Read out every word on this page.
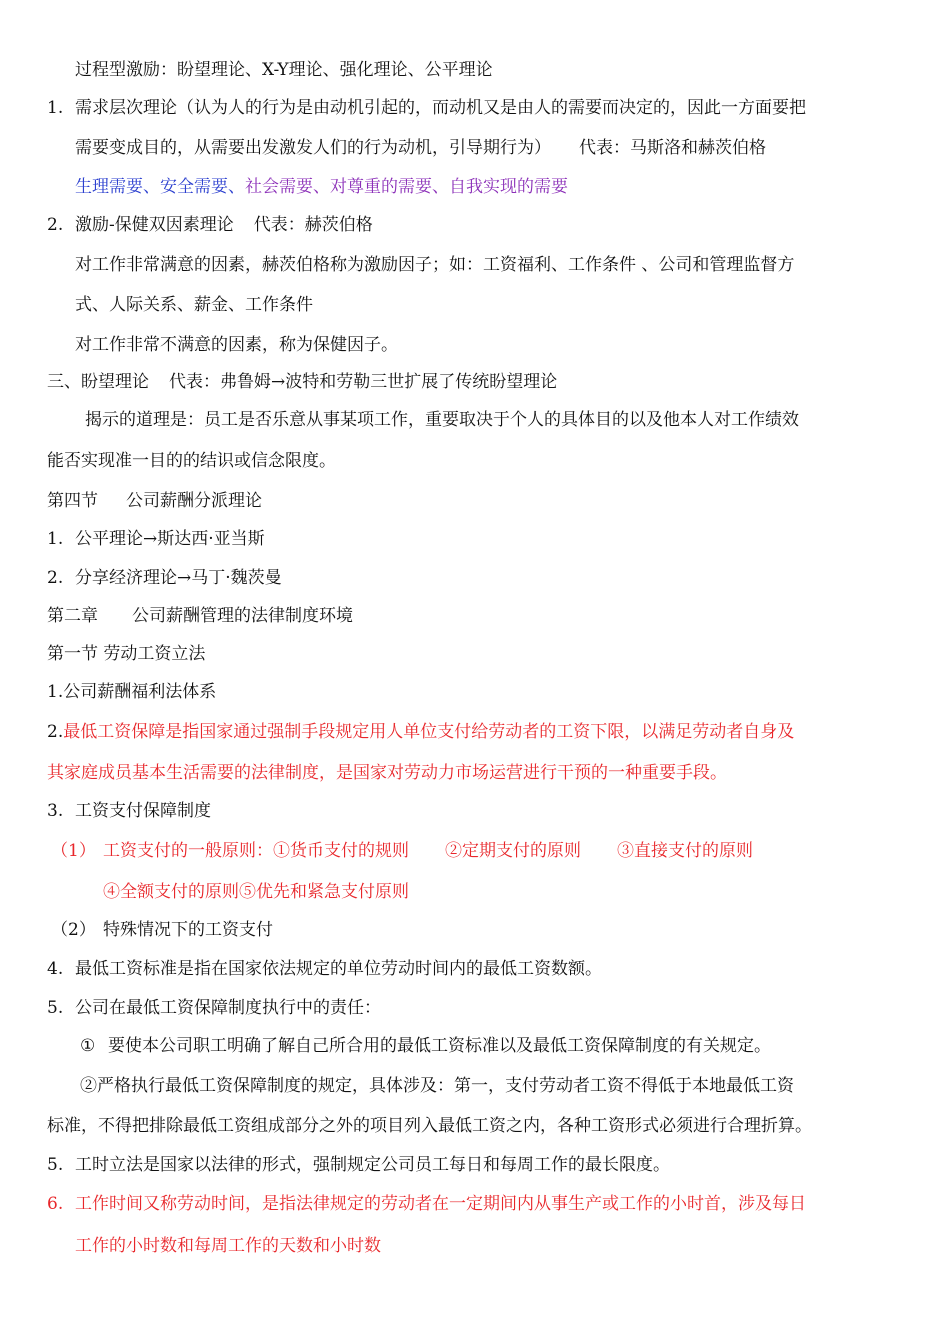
过程型激励：盼望理论、X-Y理论、强化理论、公平理论
1. 需求层次理论（认为人的行为是由动机引起的，而动机又是由人的需要而决定的，因此一方面要把
需要变成目的，从需要出发激发人们的行为动机，引导期行为） 代表：马斯洛和赫茨伯格
生理需要、安全需要、社会需要、对尊重的需要、自我实现的需要
2. 激励-保健双因素理论 代表：赫茨伯格
对工作非常满意的因素，赫茨伯格称为激励因子；如：工资福利、工作条件 、公司和管理监督方
式、人际关系、薪金、工作条件
对工作非常不满意的因素，称为保健因子。
三、盼望理论 代表：弗鲁姆→波特和劳勒三世扩展了传统盼望理论
揭示的道理是：员工是否乐意从事某项工作，重要取决于个人的具体目的以及他本人对工作绩效
能否实现准一目的的结识或信念限度。
第四节 公司薪酬分派理论
1. 公平理论→斯达西·亚当斯
2. 分享经济理论→马丁·魏茨曼
第二章 公司薪酬管理的法律制度环境
第一节 劳动工资立法
1.公司薪酬福利法体系
2.最低工资保障是指国家通过强制手段规定用人单位支付给劳动者的工资下限，以满足劳动者自身及
其家庭成员基本生活需要的法律制度，是国家对劳动力市场运营进行干预的一种重要手段。
3. 工资支付保障制度
（1） 工资支付的一般原则：①货币支付的规则 ②定期支付的原则 ③直接支付的原则
④全额支付的原则⑤优先和紧急支付原则
（2） 特殊情况下的工资支付
4. 最低工资标准是指在国家依法规定的单位劳动时间内的最低工资数额。
5. 公司在最低工资保障制度执行中的责任：
① 要使本公司职工明确了解自己所合用的最低工资标准以及最低工资保障制度的有关规定。
②严格执行最低工资保障制度的规定，具体涉及：第一，支付劳动者工资不得低于本地最低工资
标准，不得把排除最低工资组成部分之外的项目列入最低工资之内，各种工资形式必须进行合理折算。
5. 工时立法是国家以法律的形式，强制规定公司员工每日和每周工作的最长限度。
6. 工作时间又称劳动时间，是指法律规定的劳动者在一定期间内从事生产或工作的小时首，涉及每日
工作的小时数和每周工作的天数和小时数
